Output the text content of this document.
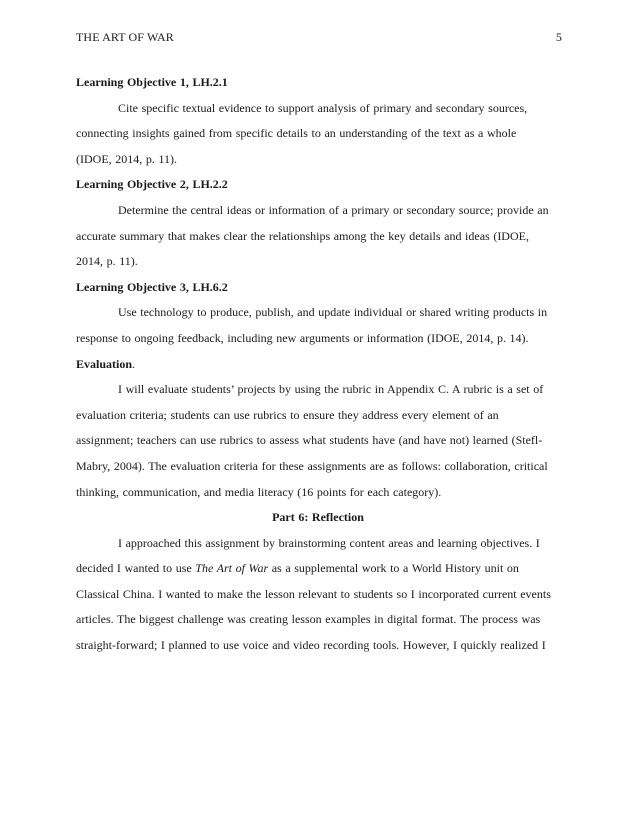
THE ART OF WAR	5
Learning Objective 1, LH.2.1
Cite specific textual evidence to support analysis of primary and secondary sources,
connecting insights gained from specific details to an understanding of the text as a whole
(IDOE, 2014, p. 11).
Learning Objective 2, LH.2.2
Determine the central ideas or information of a primary or secondary source; provide an
accurate summary that makes clear the relationships among the key details and ideas (IDOE,
2014, p. 11).
Learning Objective 3, LH.6.2
Use technology to produce, publish, and update individual or shared writing products in
response to ongoing feedback, including new arguments or information (IDOE, 2014, p. 14).
Evaluation.
I will evaluate students’ projects by using the rubric in Appendix C. A rubric is a set of
evaluation criteria; students can use rubrics to ensure they address every element of an
assignment; teachers can use rubrics to assess what students have (and have not) learned (Stefl-
Mabry, 2004). The evaluation criteria for these assignments are as follows: collaboration, critical
thinking, communication, and media literacy (16 points for each category).
Part 6: Reflection
I approached this assignment by brainstorming content areas and learning objectives. I
decided I wanted to use The Art of War as a supplemental work to a World History unit on
Classical China. I wanted to make the lesson relevant to students so I incorporated current events
articles. The biggest challenge was creating lesson examples in digital format. The process was
straight-forward; I planned to use voice and video recording tools. However, I quickly realized I
